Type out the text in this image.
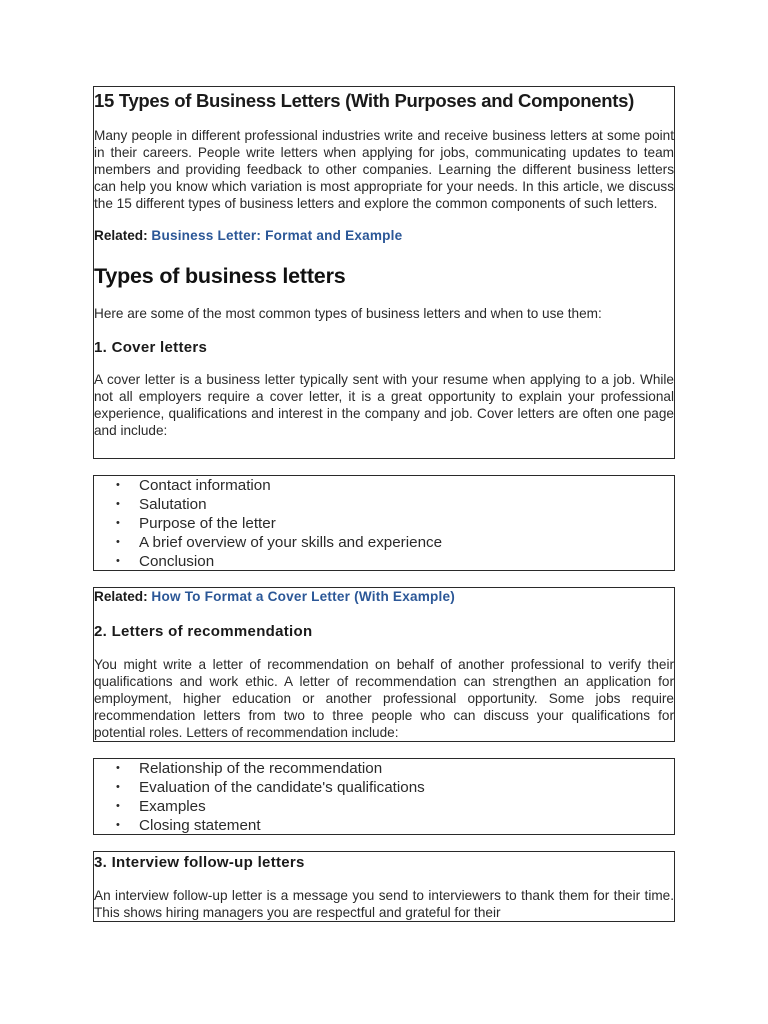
15 Types of Business Letters (With Purposes and Components)

Many people in different professional industries write and receive business letters at some point in their careers. People write letters when applying for jobs, communicating updates to team members and providing feedback to other companies. Learning the different business letters can help you know which variation is most appropriate for your needs. In this article, we discuss the 15 different types of business letters and explore the common components of such letters.

Related: Business Letter: Format and Example

Types of business letters

Here are some of the most common types of business letters and when to use them:

1. Cover letters

A cover letter is a business letter typically sent with your resume when applying to a job. While not all employers require a cover letter, it is a great opportunity to explain your professional experience, qualifications and interest in the company and job. Cover letters are often one page and include:

• Contact information
• Salutation
• Purpose of the letter
• A brief overview of your skills and experience
• Conclusion

Related: How To Format a Cover Letter (With Example)

2. Letters of recommendation

You might write a letter of recommendation on behalf of another professional to verify their qualifications and work ethic. A letter of recommendation can strengthen an application for employment, higher education or another professional opportunity. Some jobs require recommendation letters from two to three people who can discuss your qualifications for potential roles. Letters of recommendation include:

• Relationship of the recommendation
• Evaluation of the candidate's qualifications
• Examples
• Closing statement
3. Interview follow-up letters

An interview follow-up letter is a message you send to interviewers to thank them for their time. This shows hiring managers you are respectful and grateful for their
